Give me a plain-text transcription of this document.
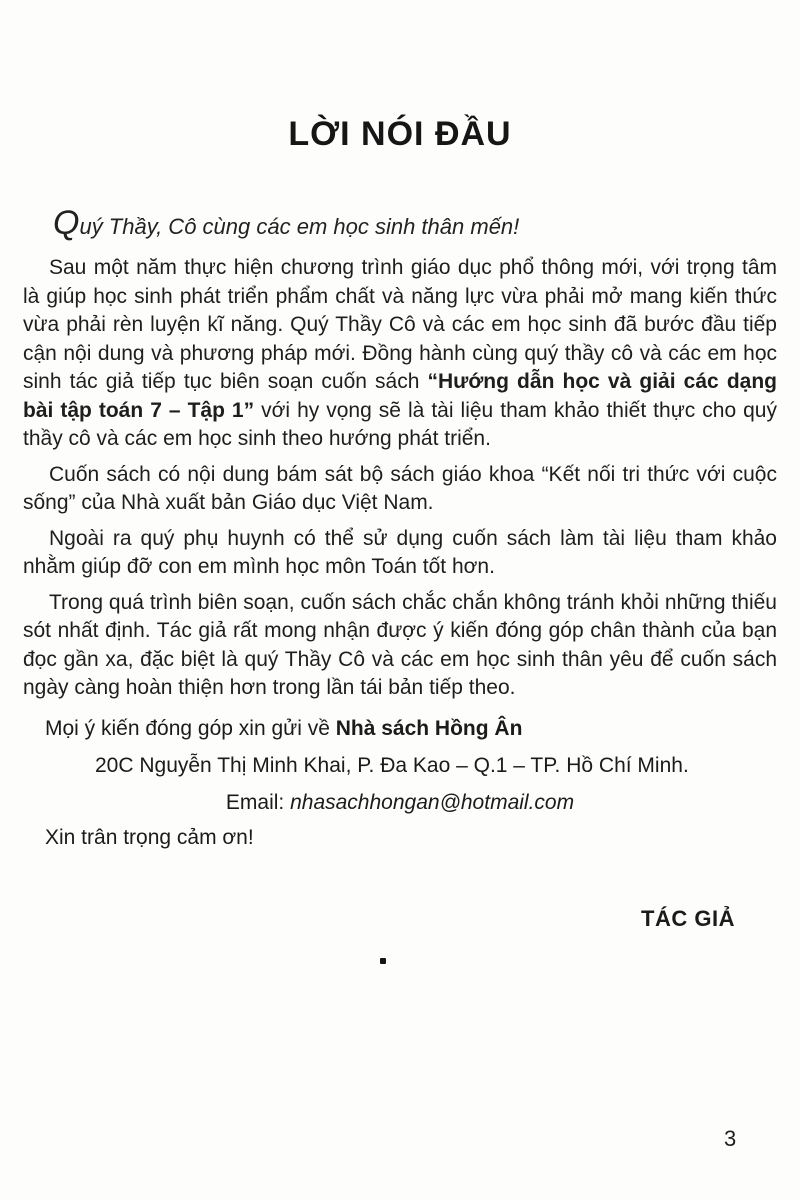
LỜI NÓI ĐẦU

Quý Thầy, Cô cùng các em học sinh thân mến!

Sau một năm thực hiện chương trình giáo dục phổ thông mới, với trọng tâm là giúp học sinh phát triển phẩm chất và năng lực vừa phải mở mang kiến thức vừa phải rèn luyện kĩ năng. Quý Thầy Cô và các em học sinh đã bước đầu tiếp cận nội dung và phương pháp mới. Đồng hành cùng quý thầy cô và các em học sinh tác giả tiếp tục biên soạn cuốn sách “Hướng dẫn học và giải các dạng bài tập toán 7 – Tập 1” với hy vọng sẽ là tài liệu tham khảo thiết thực cho quý thầy cô và các em học sinh theo hướng phát triển.

Cuốn sách có nội dung bám sát bộ sách giáo khoa “Kết nối tri thức với cuộc sống” của Nhà xuất bản Giáo dục Việt Nam.

Ngoài ra quý phụ huynh có thể sử dụng cuốn sách làm tài liệu tham khảo nhằm giúp đỡ con em mình học môn Toán tốt hơn.

Trong quá trình biên soạn, cuốn sách chắc chắn không tránh khỏi những thiếu sót nhất định. Tác giả rất mong nhận được ý kiến đóng góp chân thành của bạn đọc gần xa, đặc biệt là quý Thầy Cô và các em học sinh thân yêu để cuốn sách ngày càng hoàn thiện hơn trong lần tái bản tiếp theo.

Mọi ý kiến đóng góp xin gửi về Nhà sách Hồng Ân

20C Nguyễn Thị Minh Khai, P. Đa Kao – Q.1 – TP. Hồ Chí Minh.

Email: nhasachhongan@hotmail.com

Xin trân trọng cảm ơn!

TÁC GIẢ

3
